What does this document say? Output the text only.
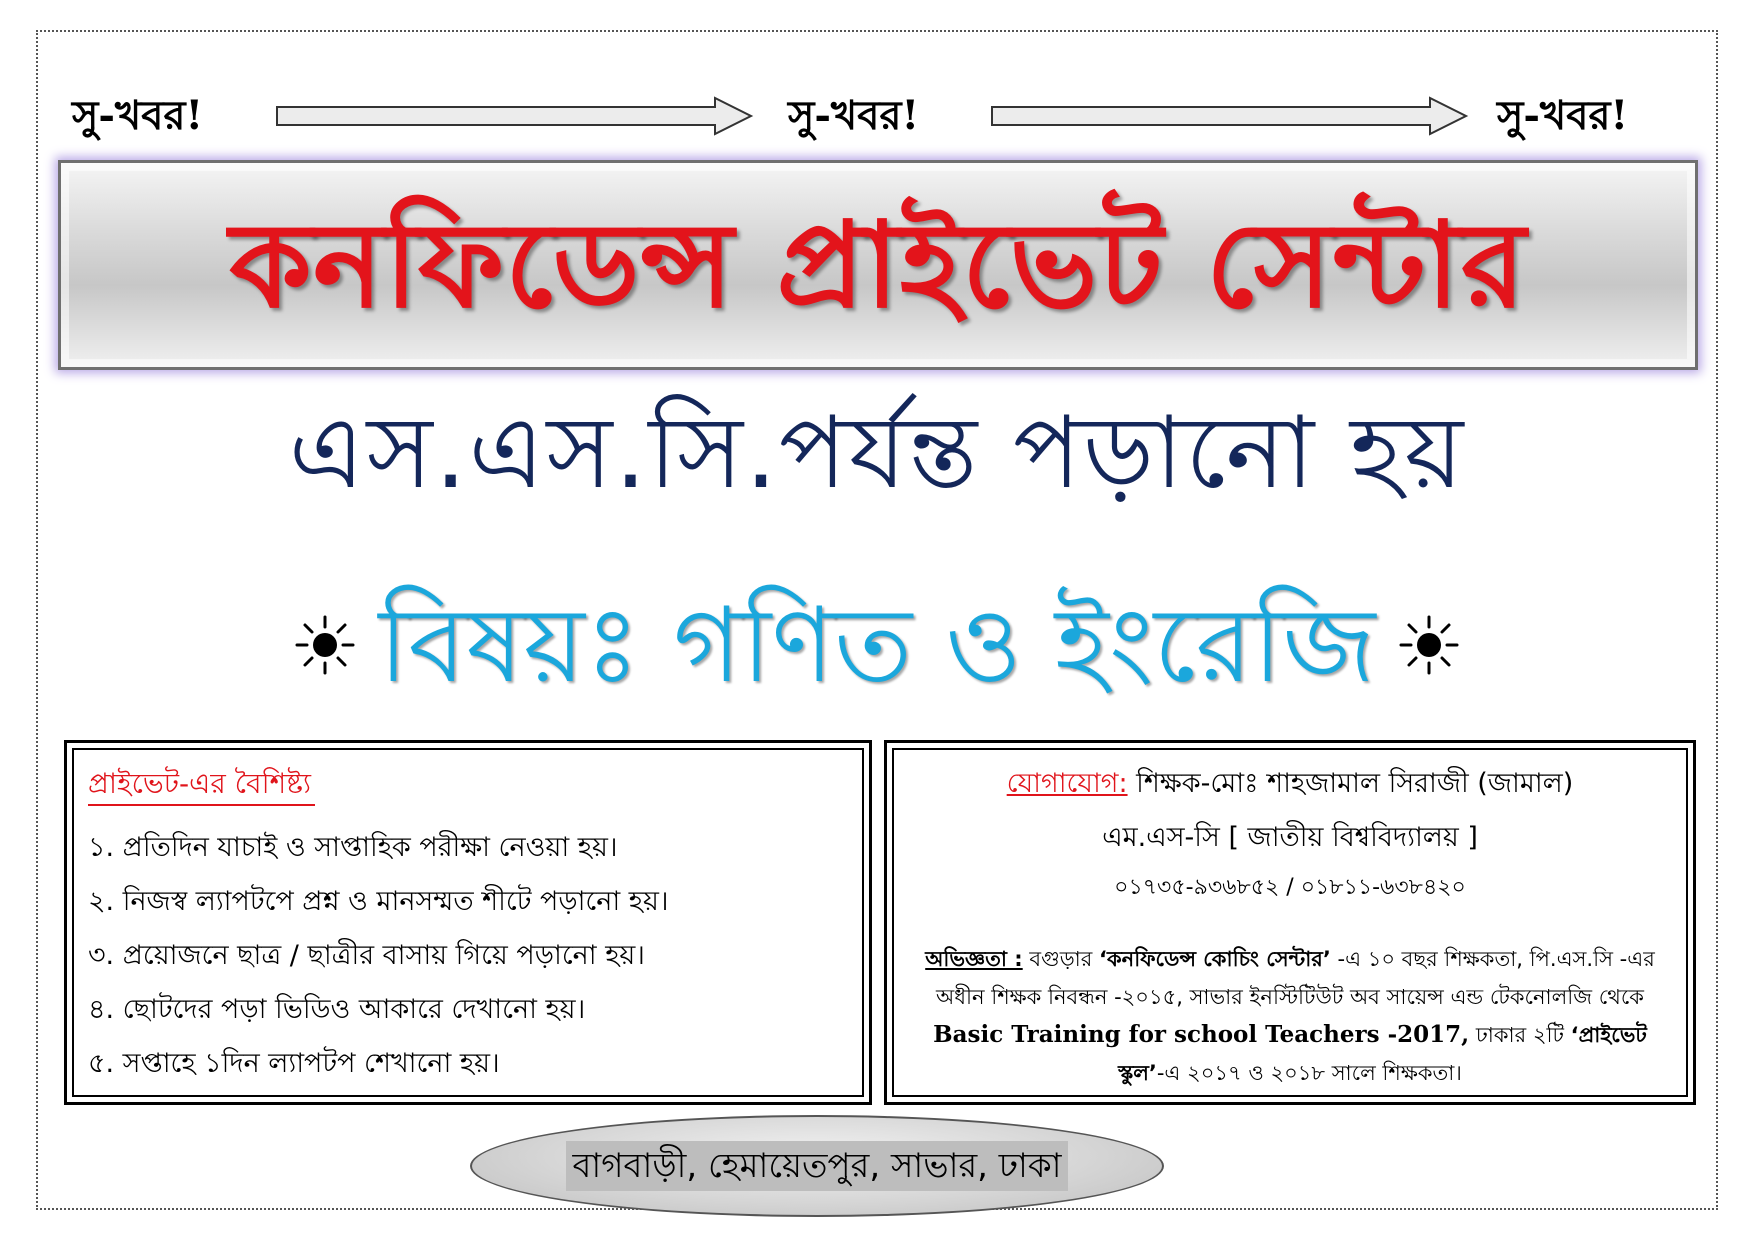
সু-খবর!	সু-খবর!	সু-খবর!
কনফিডেন্স প্রাইভেট সেন্টার
এস.এস.সি.পর্যন্ত পড়ানো হয়
বিষয়ঃ গণিত ও ইংরেজি
প্রাইভেট-এর বৈশিষ্ট্য
১. প্রতিদিন যাচাই ও সাপ্তাহিক পরীক্ষা নেওয়া হয়।
২. নিজস্ব ল্যাপটপে প্রশ্ন ও মানসম্মত শীটে পড়ানো হয়।
৩. প্রয়োজনে ছাত্র / ছাত্রীর বাসায় গিয়ে পড়ানো হয়।
৪. ছোটদের পড়া ভিডিও আকারে দেখানো হয়।
৫. সপ্তাহে ১দিন ল্যাপটপ শেখানো হয়।
যোগাযোগ: শিক্ষক-মোঃ শাহজামাল সিরাজী (জামাল)
এম.এস-সি [ জাতীয় বিশ্ববিদ্যালয় ]
০১৭৩৫-৯৩৬৮৫২ / ০১৮১১-৬৩৮৪২০
অভিজ্ঞতা : বগুড়ার ‘কনফিডেন্স কোচিং সেন্টার’ -এ ১০ বছর শিক্ষকতা, পি.এস.সি -এর অধীন শিক্ষক নিবন্ধন -২০১৫, সাভার ইনস্টিটিউট অব সায়েন্স এন্ড টেকনোলজি থেকে Basic Training for school Teachers -2017, ঢাকার ২টি ‘প্রাইভেট স্কুল’-এ ২০১৭ ও ২০১৮ সালে শিক্ষকতা।
বাগবাড়ী, হেমায়েতপুর, সাভার, ঢাকা
